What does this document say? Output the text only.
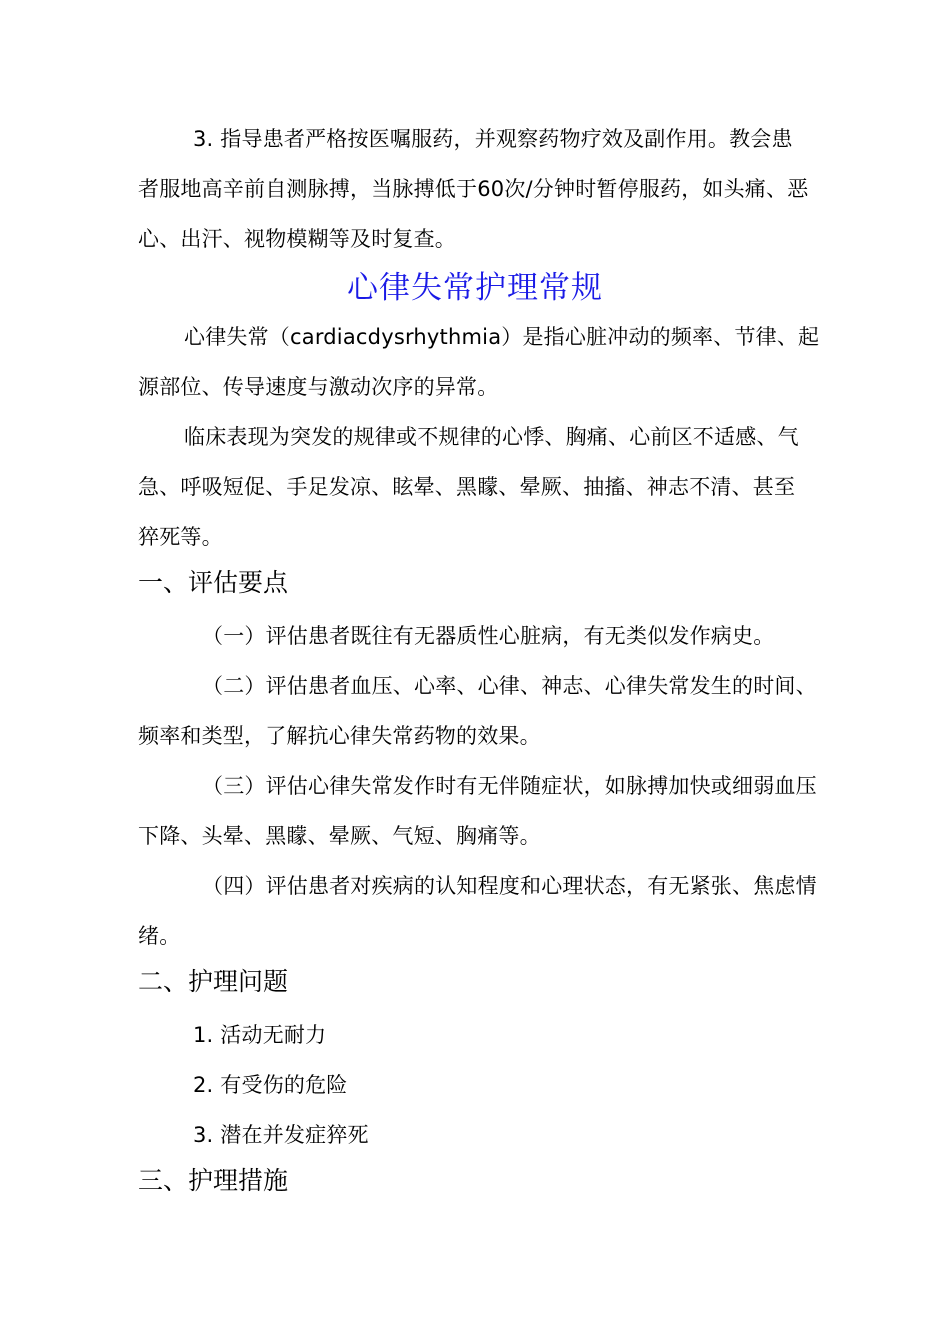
3. 指导患者严格按医嘱服药，并观察药物疗效及副作用。教会患
者服地高辛前自测脉搏，当脉搏低于60次/分钟时暂停服药，如头痛、恶
心、出汗、视物模糊等及时复查。
心律失常护理常规
心律失常（cardiacdysrhythmia）是指心脏冲动的频率、节律、起
源部位、传导速度与激动次序的异常。
临床表现为突发的规律或不规律的心悸、胸痛、心前区不适感、气
急、呼吸短促、手足发凉、眩晕、黑矇、晕厥、抽搐、神志不清、甚至
猝死等。
一、评估要点
（一）评估患者既往有无器质性心脏病，有无类似发作病史。
（二）评估患者血压、心率、心律、神志、心律失常发生的时间、
频率和类型，了解抗心律失常药物的效果。
（三）评估心律失常发作时有无伴随症状，如脉搏加快或细弱血压
下降、头晕、黑矇、晕厥、气短、胸痛等。
（四）评估患者对疾病的认知程度和心理状态，有无紧张、焦虑情
绪。
二、护理问题
1. 活动无耐力
2. 有受伤的危险
3. 潜在并发症猝死
三、护理措施
